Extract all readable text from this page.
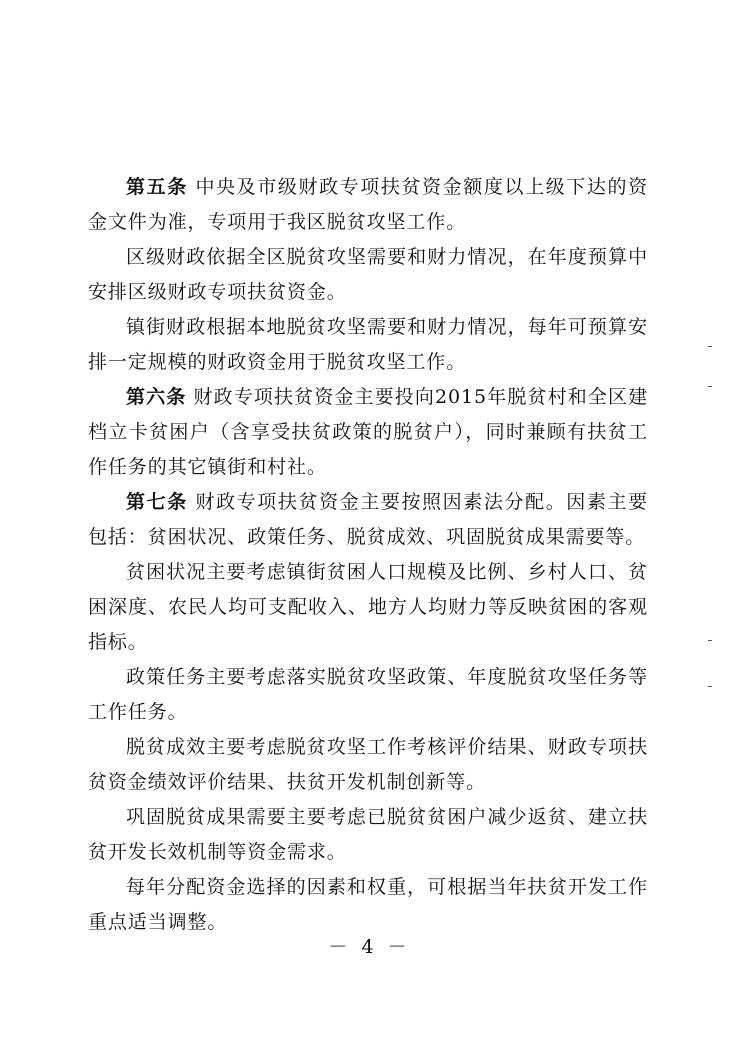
第五条 中央及市级财政专项扶贫资金额度以上级下达的资金文件为准，专项用于我区脱贫攻坚工作。

区级财政依据全区脱贫攻坚需要和财力情况，在年度预算中安排区级财政专项扶贫资金。

镇街财政根据本地脱贫攻坚需要和财力情况，每年可预算安排一定规模的财政资金用于脱贫攻坚工作。

第六条 财政专项扶贫资金主要投向2015年脱贫村和全区建档立卡贫困户（含享受扶贫政策的脱贫户），同时兼顾有扶贫工作任务的其它镇街和村社。

第七条 财政专项扶贫资金主要按照因素法分配。因素主要包括：贫困状况、政策任务、脱贫成效、巩固脱贫成果需要等。

贫困状况主要考虑镇街贫困人口规模及比例、乡村人口、贫困深度、农民人均可支配收入、地方人均财力等反映贫困的客观指标。

政策任务主要考虑落实脱贫攻坚政策、年度脱贫攻坚任务等工作任务。

脱贫成效主要考虑脱贫攻坚工作考核评价结果、财政专项扶贫资金绩效评价结果、扶贫开发机制创新等。

巩固脱贫成果需要主要考虑已脱贫贫困户减少返贫、建立扶贫开发长效机制等资金需求。

每年分配资金选择的因素和权重，可根据当年扶贫开发工作重点适当调整。

－ 4 －
